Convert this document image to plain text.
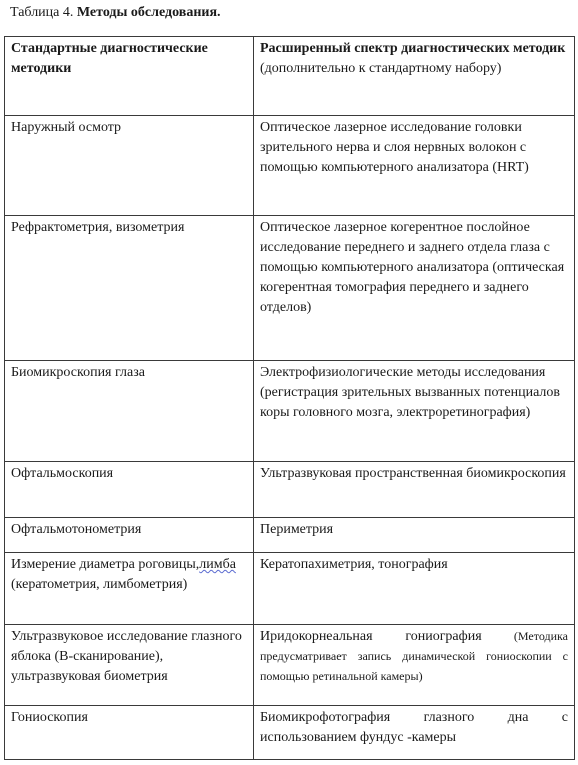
Таблица 4. Методы обследования.
Стандартные диагностические методики	Расширенный спектр диагностических методик (дополнительно к стандартному набору)
Наружный осмотр	Оптическое лазерное исследование головки зрительного нерва и слоя нервных волокон с помощью компьютерного анализатора (HRT)
Рефрактометрия, визометрия	Оптическое лазерное когерентное послойное исследование переднего и заднего отдела глаза с помощью компьютерного анализатора (оптическая когерентная томография переднего и заднего отделов)
Биомикроскопия глаза	Электрофизиологические методы исследования (регистрация зрительных вызванных потенциалов коры головного мозга, электроретинография)
Офтальмоскопия	Ультразвуковая пространственная биомикроскопия
Офтальмотонометрия	Периметрия
Измерение диаметра роговицы,лимба (кератометрия, лимбометрия)	Кератопахиметрия, тонография
Ультразвуковое исследование глазного яблока (B-сканирование), ультразвуковая биометрия	Иридокорнеальная гониография (Методика предусматривает запись динамической гониоскопии с помощью ретинальной камеры)
Гониоскопия	Биомикрофотография глазного дна с использованием фундус -камеры
